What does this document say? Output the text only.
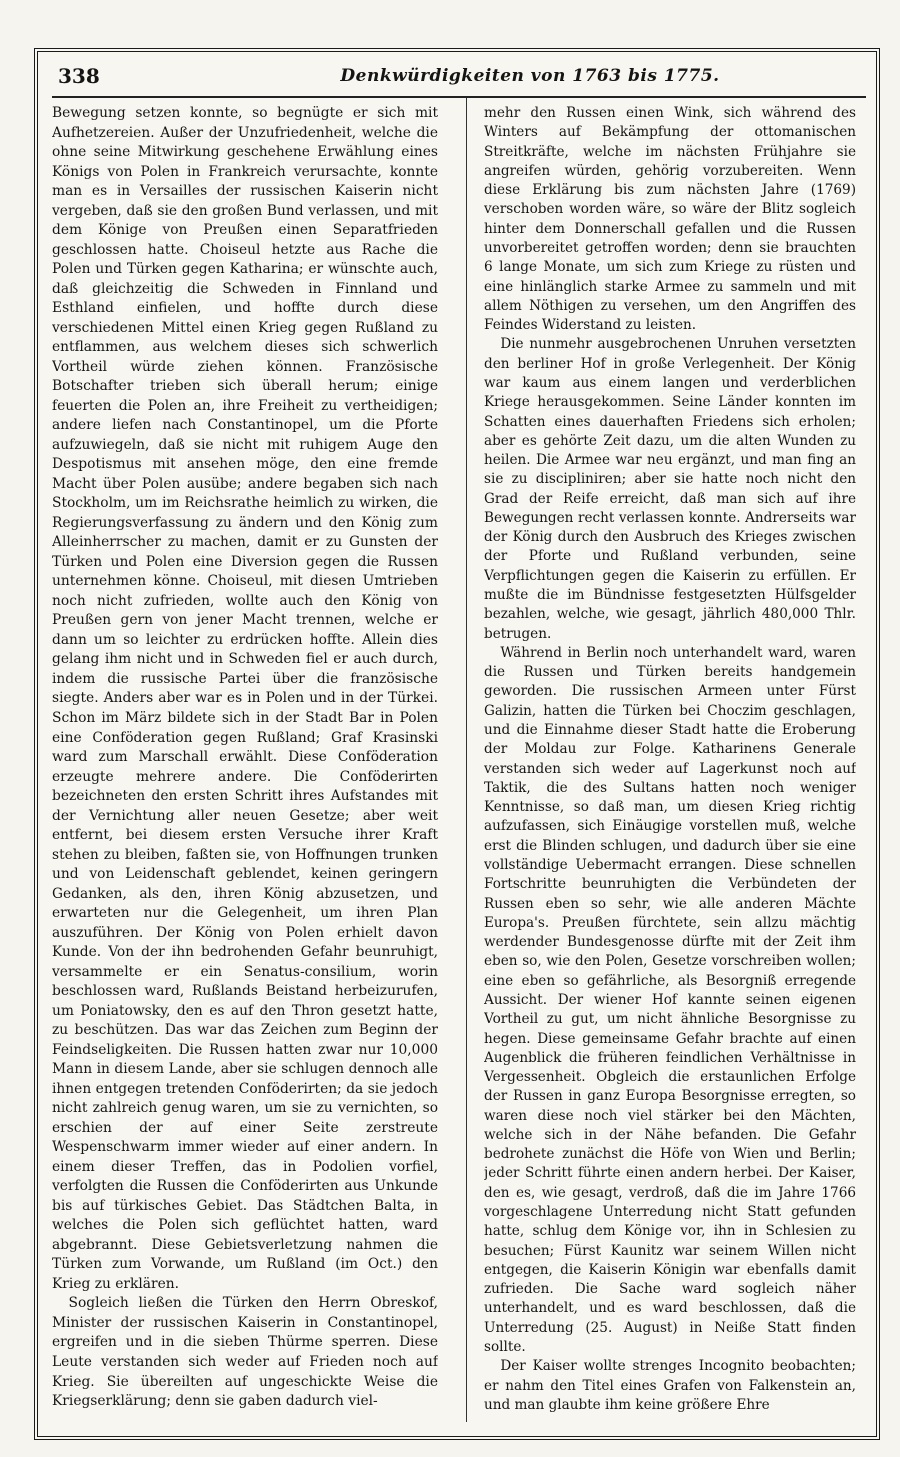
338	Denkwürdigkeiten von 1763 bis 1775.

Bewegung setzen konnte, so begnügte er sich mit Aufhetzereien. Außer der Unzufriedenheit, welche die ohne seine Mitwirkung geschehene Erwählung eines Königs von Polen in Frankreich verursachte, konnte man es in Versailles der russischen Kaiserin nicht vergeben, daß sie den großen Bund verlassen, und mit dem Könige von Preußen einen Separatfrieden geschlossen hatte. Choiseul hetzte aus Rache die Polen und Türken gegen Katharina; er wünschte auch, daß gleichzeitig die Schweden in Finnland und Esthland einfielen, und hoffte durch diese verschiedenen Mittel einen Krieg gegen Rußland zu entflammen, aus welchem dieses sich schwerlich Vortheil würde ziehen können. Französische Botschafter trieben sich überall herum; einige feuerten die Polen an, ihre Freiheit zu vertheidigen; andere liefen nach Constantinopel, um die Pforte aufzuwiegeln, daß sie nicht mit ruhigem Auge den Despotismus mit ansehen möge, den eine fremde Macht über Polen ausübe; andere begaben sich nach Stockholm, um im Reichsrathe heimlich zu wirken, die Regierungsverfassung zu ändern und den König zum Alleinherrscher zu machen, damit er zu Gunsten der Türken und Polen eine Diversion gegen die Russen unternehmen könne. Choiseul, mit diesen Umtrieben noch nicht zufrieden, wollte auch den König von Preußen gern von jener Macht trennen, welche er dann um so leichter zu erdrücken hoffte. Allein dies gelang ihm nicht und in Schweden fiel er auch durch, indem die russische Partei über die französische siegte. Anders aber war es in Polen und in der Türkei. Schon im März bildete sich in der Stadt Bar in Polen eine Conföderation gegen Rußland; Graf Krasinski ward zum Marschall erwählt. Diese Conföderation erzeugte mehrere andere. Die Conföderirten bezeichneten den ersten Schritt ihres Aufstandes mit der Vernichtung aller neuen Gesetze; aber weit entfernt, bei diesem ersten Versuche ihrer Kraft stehen zu bleiben, faßten sie, von Hoffnungen trunken und von Leidenschaft geblendet, keinen geringern Gedanken, als den, ihren König abzusetzen, und erwarteten nur die Gelegenheit, um ihren Plan auszuführen. Der König von Polen erhielt davon Kunde. Von der ihn bedrohenden Gefahr beunruhigt, versammelte er ein Senatus-consilium, worin beschlossen ward, Rußlands Beistand herbeizurufen, um Poniatowsky, den es auf den Thron gesetzt hatte, zu beschützen. Das war das Zeichen zum Beginn der Feindseligkeiten. Die Russen hatten zwar nur 10,000 Mann in diesem Lande, aber sie schlugen dennoch alle ihnen entgegen tretenden Conföderirten; da sie jedoch nicht zahlreich genug waren, um sie zu vernichten, so erschien der auf einer Seite zerstreute Wespenschwarm immer wieder auf einer andern. In einem dieser Treffen, das in Podolien vorfiel, verfolgten die Russen die Conföderirten aus Unkunde bis auf türkisches Gebiet. Das Städtchen Balta, in welches die Polen sich geflüchtet hatten, ward abgebrannt. Diese Gebietsverletzung nahmen die Türken zum Vorwande, um Rußland (im Oct.) den Krieg zu erklären.

Sogleich ließen die Türken den Herrn Obreskof, Minister der russischen Kaiserin in Constantinopel, ergreifen und in die sieben Thürme sperren. Diese Leute verstanden sich weder auf Frieden noch auf Krieg. Sie übereilten auf ungeschickte Weise die Kriegserklärung; denn sie gaben dadurch viel-

mehr den Russen einen Wink, sich während des Winters auf Bekämpfung der ottomanischen Streitkräfte, welche im nächsten Frühjahre sie angreifen würden, gehörig vorzubereiten. Wenn diese Erklärung bis zum nächsten Jahre (1769) verschoben worden wäre, so wäre der Blitz sogleich hinter dem Donnerschall gefallen und die Russen unvorbereitet getroffen worden; denn sie brauchten 6 lange Monate, um sich zum Kriege zu rüsten und eine hinlänglich starke Armee zu sammeln und mit allem Nöthigen zu versehen, um den Angriffen des Feindes Widerstand zu leisten.

Die nunmehr ausgebrochenen Unruhen versetzten den berliner Hof in große Verlegenheit. Der König war kaum aus einem langen und verderblichen Kriege herausgekommen. Seine Länder konnten im Schatten eines dauerhaften Friedens sich erholen; aber es gehörte Zeit dazu, um die alten Wunden zu heilen. Die Armee war neu ergänzt, und man fing an sie zu discipliniren; aber sie hatte noch nicht den Grad der Reife erreicht, daß man sich auf ihre Bewegungen recht verlassen konnte. Andrerseits war der König durch den Ausbruch des Krieges zwischen der Pforte und Rußland verbunden, seine Verpflichtungen gegen die Kaiserin zu erfüllen. Er mußte die im Bündnisse festgesetzten Hülfsgelder bezahlen, welche, wie gesagt, jährlich 480,000 Thlr. betrugen.

Während in Berlin noch unterhandelt ward, waren die Russen und Türken bereits handgemein geworden. Die russischen Armeen unter Fürst Galizin, hatten die Türken bei Choczim geschlagen, und die Einnahme dieser Stadt hatte die Eroberung der Moldau zur Folge. Katharinens Generale verstanden sich weder auf Lagerkunst noch auf Taktik, die des Sultans hatten noch weniger Kenntnisse, so daß man, um diesen Krieg richtig aufzufassen, sich Einäugige vorstellen muß, welche erst die Blinden schlugen, und dadurch über sie eine vollständige Uebermacht errangen. Diese schnellen Fortschritte beunruhigten die Verbündeten der Russen eben so sehr, wie alle anderen Mächte Europa's. Preußen fürchtete, sein allzu mächtig werdender Bundesgenosse dürfte mit der Zeit ihm eben so, wie den Polen, Gesetze vorschreiben wollen; eine eben so gefährliche, als Besorgniß erregende Aussicht. Der wiener Hof kannte seinen eigenen Vortheil zu gut, um nicht ähnliche Besorgnisse zu hegen. Diese gemeinsame Gefahr brachte auf einen Augenblick die früheren feindlichen Verhältnisse in Vergessenheit. Obgleich die erstaunlichen Erfolge der Russen in ganz Europa Besorgnisse erregten, so waren diese noch viel stärker bei den Mächten, welche sich in der Nähe befanden. Die Gefahr bedrohete zunächst die Höfe von Wien und Berlin; jeder Schritt führte einen andern herbei. Der Kaiser, den es, wie gesagt, verdroß, daß die im Jahre 1766 vorgeschlagene Unterredung nicht Statt gefunden hatte, schlug dem Könige vor, ihn in Schlesien zu besuchen; Fürst Kaunitz war seinem Willen nicht entgegen, die Kaiserin Königin war ebenfalls damit zufrieden. Die Sache ward sogleich näher unterhandelt, und es ward beschlossen, daß die Unterredung (25. August) in Neiße Statt finden sollte.

Der Kaiser wollte strenges Incognito beobachten; er nahm den Titel eines Grafen von Falkenstein an, und man glaubte ihm keine größere Ehre
